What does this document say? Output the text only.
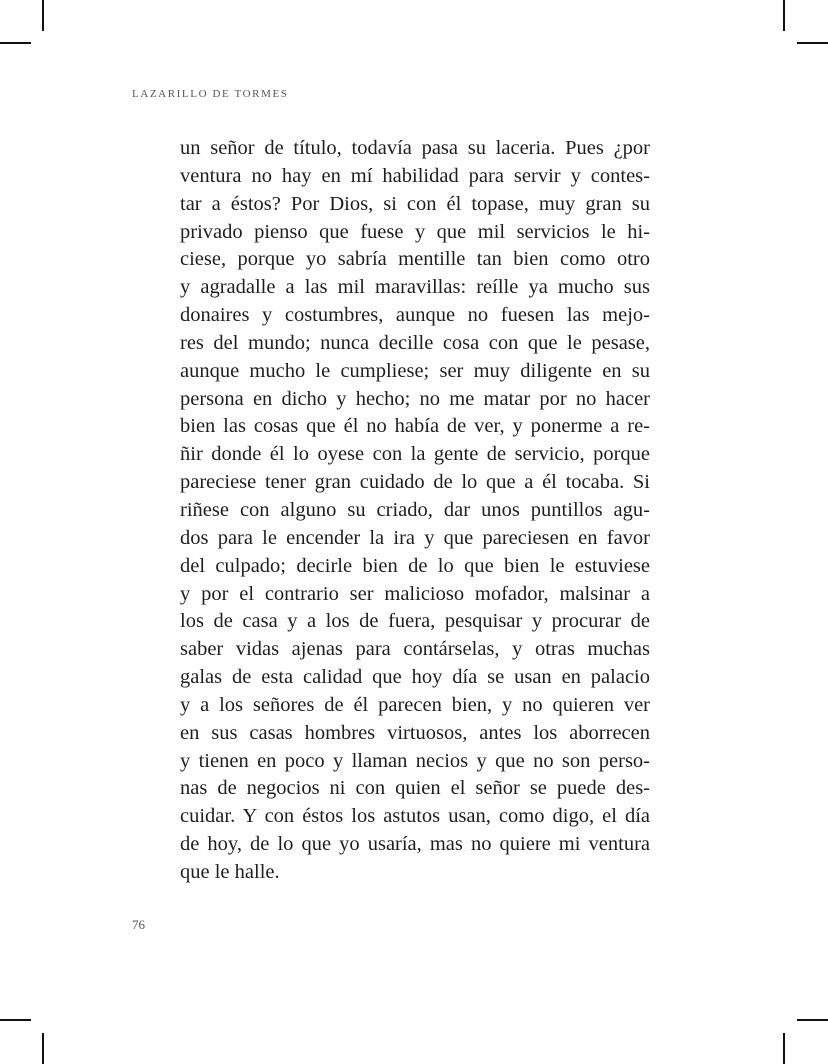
LAZARILLO DE TORMES
un señor de título, todavía pasa su laceria. Pues ¿por
ventura no hay en mí habilidad para servir y contes-
tar a éstos? Por Dios, si con él topase, muy gran su
privado pienso que fuese y que mil servicios le hi-
ciese, porque yo sabría mentille tan bien como otro
y agradalle a las mil maravillas: reílle ya mucho sus
donaires y costumbres, aunque no fuesen las mejo-
res del mundo; nunca decille cosa con que le pesase,
aunque mucho le cumpliese; ser muy diligente en su
persona en dicho y hecho; no me matar por no hacer
bien las cosas que él no había de ver, y ponerme a re-
ñir donde él lo oyese con la gente de servicio, porque
pareciese tener gran cuidado de lo que a él tocaba. Si
riñese con alguno su criado, dar unos puntillos agu-
dos para le encender la ira y que pareciesen en favor
del culpado; decirle bien de lo que bien le estuviese
y por el contrario ser malicioso mofador, malsinar a
los de casa y a los de fuera, pesquisar y procurar de
saber vidas ajenas para contárselas, y otras muchas
galas de esta calidad que hoy día se usan en palacio
y a los señores de él parecen bien, y no quieren ver
en sus casas hombres virtuosos, antes los aborrecen
y tienen en poco y llaman necios y que no son perso-
nas de negocios ni con quien el señor se puede des-
cuidar. Y con éstos los astutos usan, como digo, el día
de hoy, de lo que yo usaría, mas no quiere mi ventura
que le halle.
76
